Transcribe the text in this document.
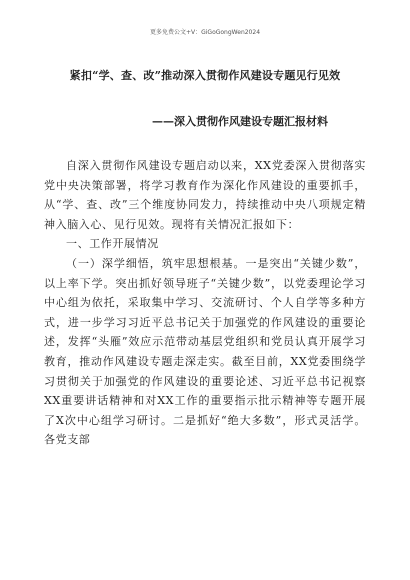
更多免费公文+V：GiGoGongWen2024
紧扣“学、查、改”推动深入贯彻作风建设专题见行见效
——深入贯彻作风建设专题汇报材料

自深入贯彻作风建设专题启动以来，XX党委深入贯彻落实党中央决策部署，将学习教育作为深化作风建设的重要抓手，从“学、查、改”三个维度协同发力，持续推动中央八项规定精神入脑入心、见行见效。现将有关情况汇报如下：

一、工作开展情况

（一）深学细悟，筑牢思想根基。一是突出“关键少数”，以上率下学。突出抓好领导班子“关键少数”，以党委理论学习中心组为依托，采取集中学习、交流研讨、个人自学等多种方式，进一步学习习近平总书记关于加强党的作风建设的重要论述，发挥“头雁”效应示范带动基层党组织和党员认真开展学习教育，推动作风建设专题走深走实。截至目前，XX党委围绕学习贯彻关于加强党的作风建设的重要论述、习近平总书记视察XX重要讲话精神和对XX工作的重要指示批示精神等专题开展了X次中心组学习研讨。二是抓好“绝大多数”，形式灵活学。各党支部
